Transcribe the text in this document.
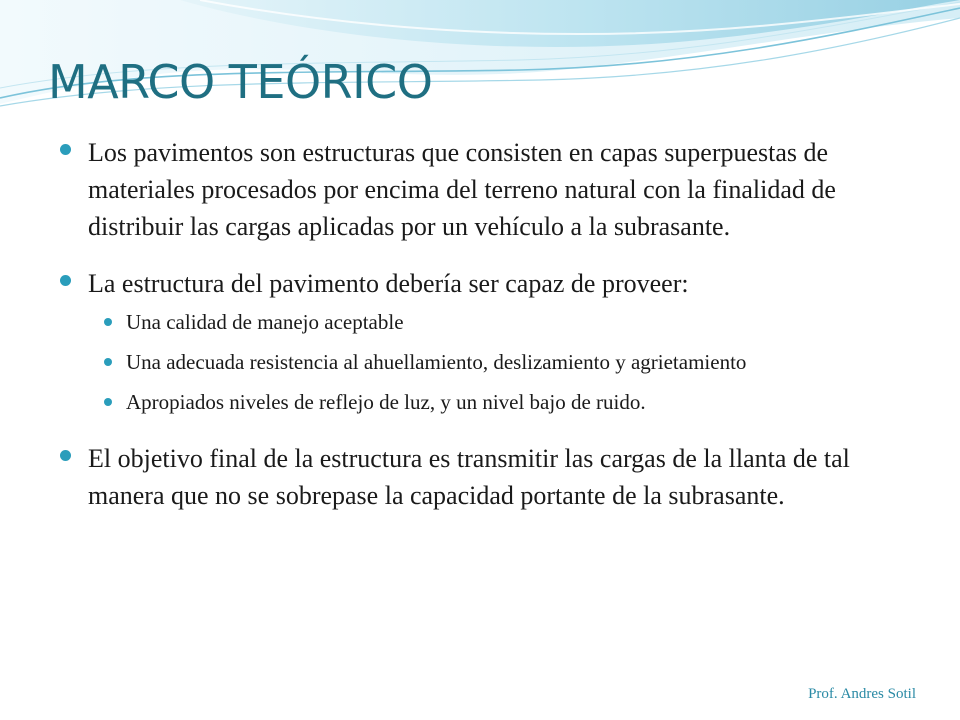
MARCO TEÓRICO
Los pavimentos son estructuras que consisten en capas superpuestas de materiales procesados por encima del terreno natural con la finalidad de distribuir las cargas aplicadas por un vehículo a la subrasante.
La estructura del pavimento debería ser capaz de proveer:
Una calidad de manejo aceptable
Una adecuada resistencia al ahuellamiento, deslizamiento y agrietamiento
Apropiados niveles de reflejo de luz, y un nivel bajo de ruido.
El objetivo final de la estructura es transmitir las cargas de la llanta de tal manera que no se sobrepase la capacidad portante de la subrasante.
Prof. Andres Sotil
